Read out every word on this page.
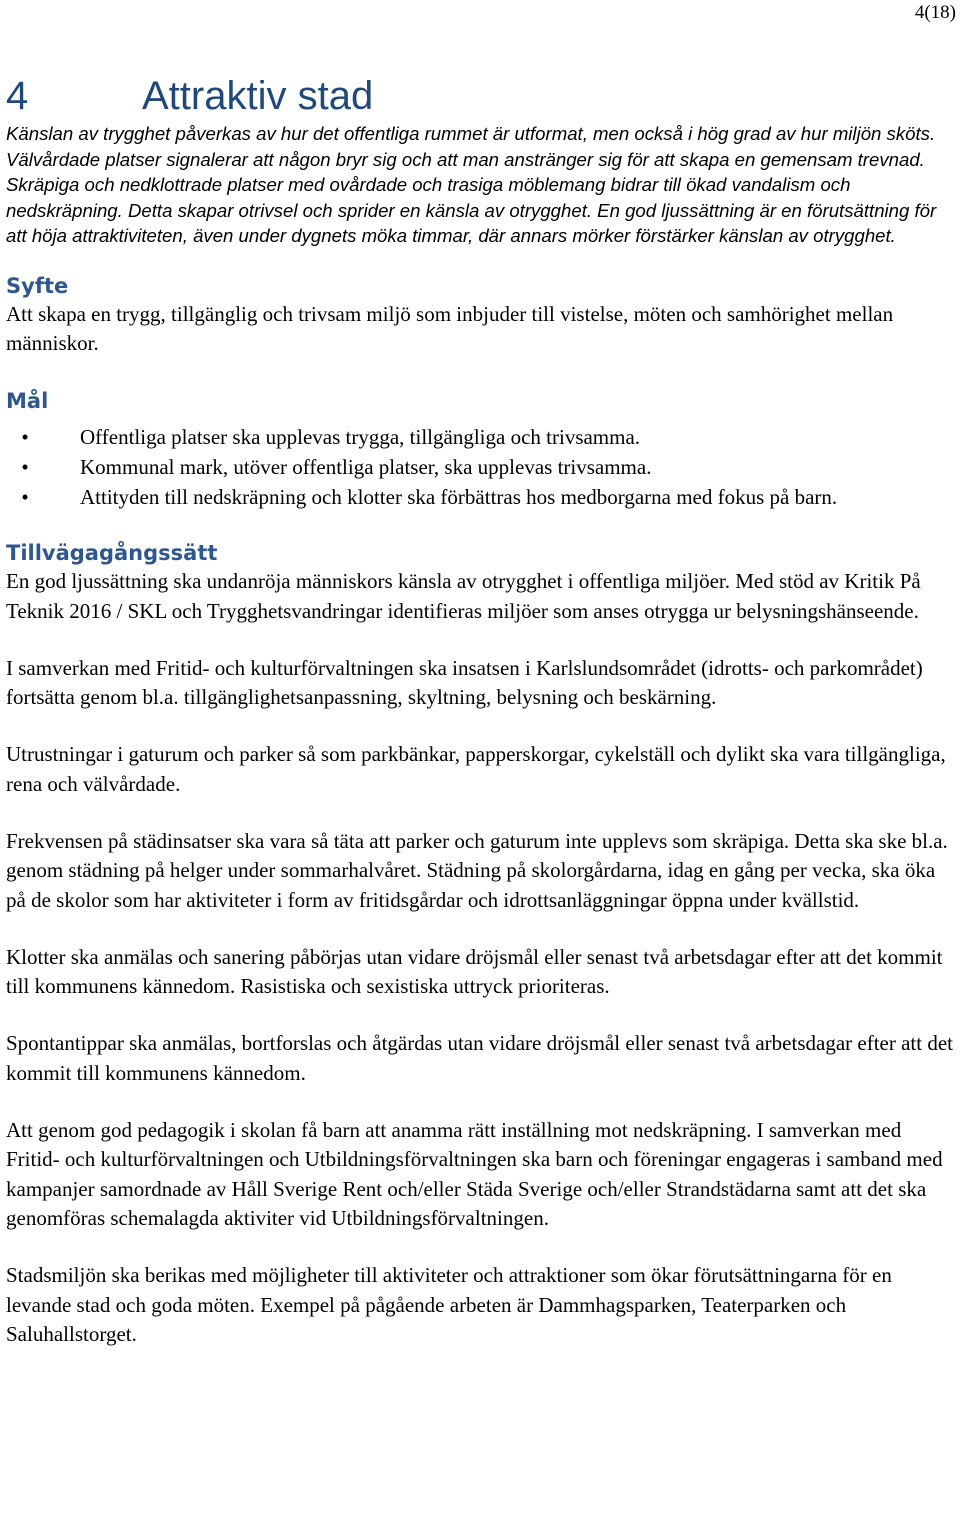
4(18)
4	Attraktiv stad

Känslan av trygghet påverkas av hur det offentliga rummet är utformat, men också i hög grad av hur miljön sköts. Välvårdade platser signalerar att någon bryr sig och att man anstränger sig för att skapa en gemensam trevnad. Skräpiga och nedklottrade platser med ovårdade och trasiga möblemang bidrar till ökad vandalism och nedskräpning. Detta skapar otrivsel och sprider en känsla av otrygghet. En god ljussättning är en förutsättning för att höja attraktiviteten, även under dygnets möka timmar, där annars mörker förstärker känslan av otrygghet.

Syfte

Att skapa en trygg, tillgänglig och trivsam miljö som inbjuder till vistelse, möten och samhörighet mellan människor.

Mål
•	Offentliga platser ska upplevas trygga, tillgängliga och trivsamma.
•	Kommunal mark, utöver offentliga platser, ska upplevas trivsamma.
•	Attityden till nedskräpning och klotter ska förbättras hos medborgarna med fokus på barn.
Tillvägagångssätt

En god ljussättning ska undanröja människors känsla av otrygghet i offentliga miljöer. Med stöd av Kritik På Teknik 2016 / SKL och Trygghetsvandringar identifieras miljöer som anses otrygga ur belysningshänseende.

I samverkan med Fritid- och kulturförvaltningen ska insatsen i Karlslundsområdet (idrotts- och parkområdet) fortsätta genom bl.a. tillgänglighetsanpassning, skyltning, belysning och beskärning.

Utrustningar i gaturum och parker så som parkbänkar, papperskorgar, cykelställ och dylikt ska vara tillgängliga, rena och välvårdade.

Frekvensen på städinsatser ska vara så täta att parker och gaturum inte upplevs som skräpiga. Detta ska ske bl.a. genom städning på helger under sommarhalvåret. Städning på skolorgårdarna, idag en gång per vecka, ska öka på de skolor som har aktiviteter i form av fritidsgårdar och idrottsanläggningar öppna under kvällstid.

Klotter ska anmälas och sanering påbörjas utan vidare dröjsmål eller senast två arbetsdagar efter att det kommit till kommunens kännedom. Rasistiska och sexistiska uttryck prioriteras.

Spontantippar ska anmälas, bortforslas och åtgärdas utan vidare dröjsmål eller senast två arbetsdagar efter att det kommit till kommunens kännedom.

Att genom god pedagogik i skolan få barn att anamma rätt inställning mot nedskräpning. I samverkan med Fritid- och kulturförvaltningen och Utbildningsförvaltningen ska barn och föreningar engageras i samband med kampanjer samordnade av Håll Sverige Rent och/eller Städa Sverige och/eller Strandstädarna samt att det ska genomföras schemalagda aktiviter vid Utbildningsförvaltningen.

Stadsmiljön ska berikas med möjligheter till aktiviteter och attraktioner som ökar förutsättningarna för en levande stad och goda möten. Exempel på pågående arbeten är Dammhagsparken, Teaterparken och Saluhallstorget.
